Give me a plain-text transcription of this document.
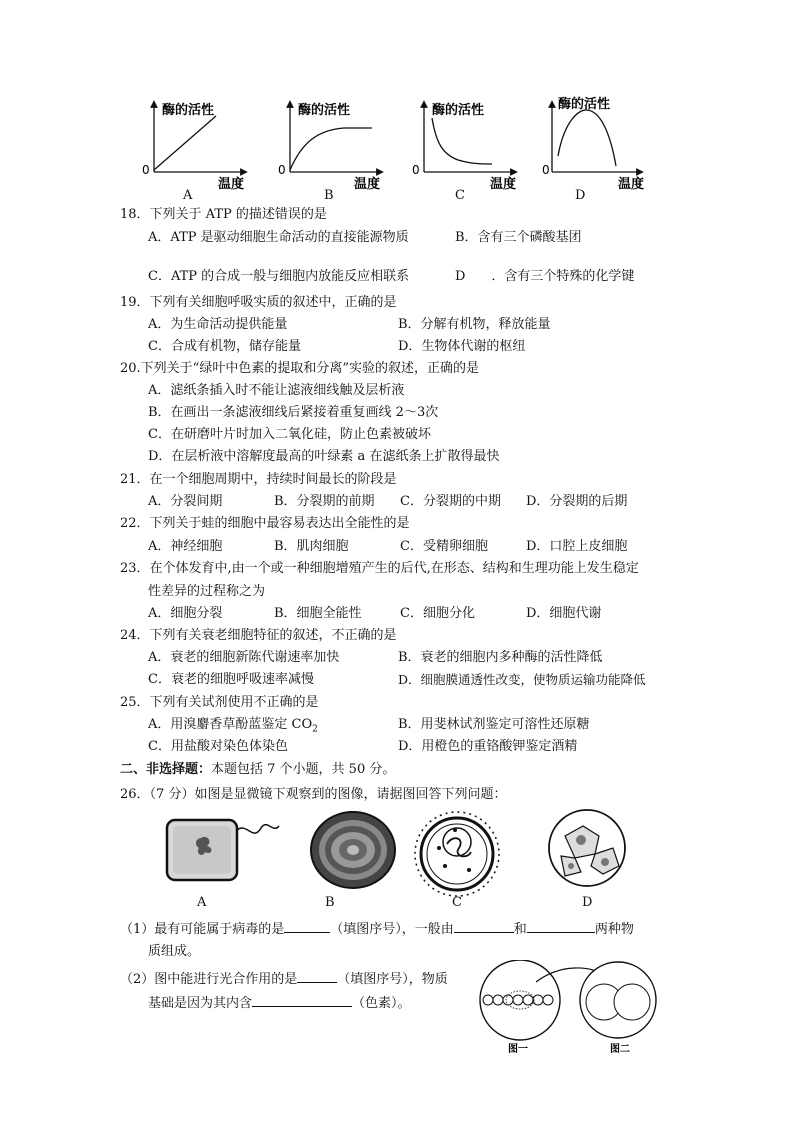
酶的活性
0
温度
酶的活性
0
温度
酶的活性
0
温度
酶的活性
0
温度
A	B	C	D
18．下列关于 ATP 的描述错误的是
A．ATP 是驱动细胞生命活动的直接能源物质	B．含有三个磷酸基团
C．ATP 的合成一般与细胞内放能反应相联系	D　　．含有三个特殊的化学键
19．下列有关细胞呼吸实质的叙述中，正确的是
A．为生命活动提供能量	B．分解有机物，释放能量
C．合成有机物，储存能量	D．生物体代谢的枢纽
20.下列关于“绿叶中色素的提取和分离”实验的叙述，正确的是
A．滤纸条插入时不能让滤液细线触及层析液
B．在画出一条滤液细线后紧接着重复画线 2～3次
C．在研磨叶片时加入二氧化硅，防止色素被破坏
D．在层析液中溶解度最高的叶绿素 a 在滤纸条上扩散得最快
21．在一个细胞周期中，持续时间最长的阶段是
A．分裂间期	B．分裂期的前期 C．分裂期的中期 D．分裂期的后期
22．下列关于蛙的细胞中最容易表达出全能性的是
A．神经细胞	B．肌肉细胞	C．受精卵细胞	D．口腔上皮细胞
23．在个体发育中,由一个或一种细胞增殖产生的后代,在形态、结构和生理功能上发生稳定
性差异的过程称之为
A．细胞分裂	B．细胞全能性	C．细胞分化	D．细胞代谢
24．下列有关衰老细胞特征的叙述，不正确的是
A．衰老的细胞新陈代谢速率加快	B．衰老的细胞内多种酶的活性降低
C．衰老的细胞呼吸速率减慢	D．细胞膜通透性改变，使物质运输功能降低
25．下列有关试剂使用不正确的是
A．用溴麝香草酚蓝鉴定 $CO_2$	B．用斐林试剂鉴定可溶性还原糖
C．用盐酸对染色体染色	D．用橙色的重铬酸钾鉴定酒精
二、非选择题：本题包括 7 个小题，共 50 分。
26．（7 分）如图是显微镜下观察到的图像，请据图回答下列问题：
A	B	C	D
（1）最有可能属于病毒的是	（填图序号），一般由	和	两种物
质组成。
（2）图中能进行光合作用的是	（填图序号），物质
基础是因为其内含	（色素）。
图一	图二
